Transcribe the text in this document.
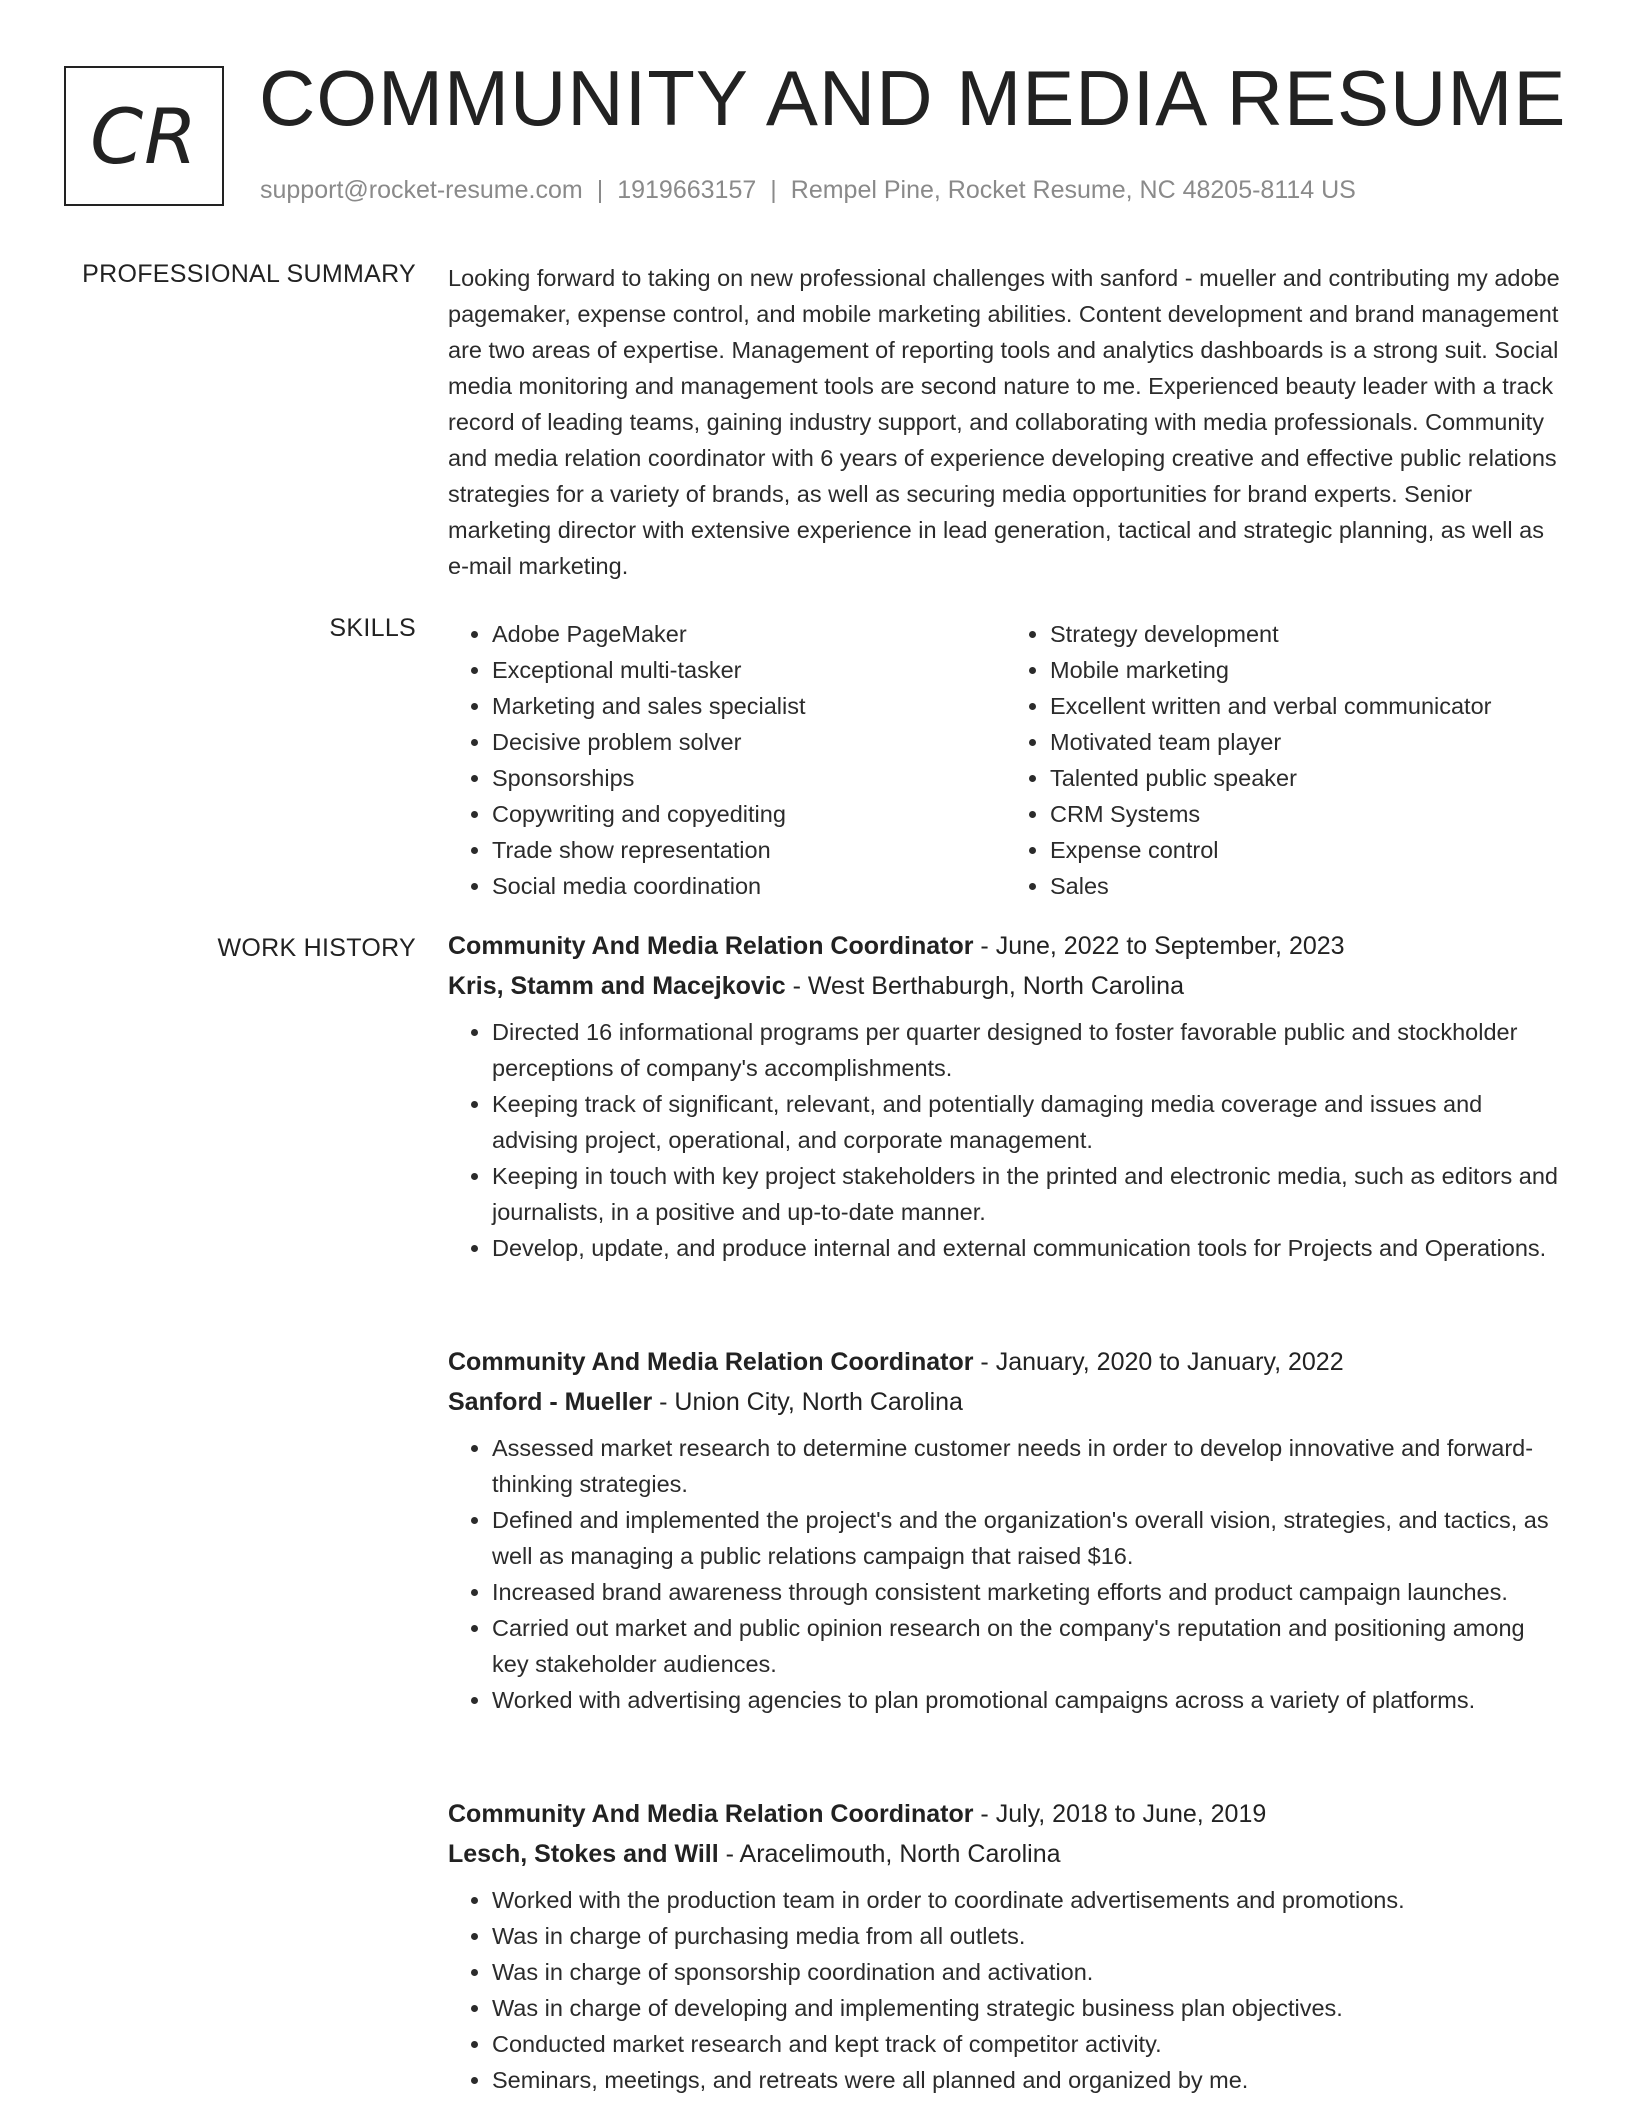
CR COMMUNITY AND MEDIA RESUME
support@rocket-resume.com | 1919663157 | Rempel Pine, Rocket Resume, NC 48205-8114 US
PROFESSIONAL SUMMARY Looking forward to taking on new professional challenges with sanford - mueller and contributing my adobe pagemaker, expense control, and mobile marketing abilities. Content development and brand management are two areas of expertise. Management of reporting tools and analytics dashboards is a strong suit. Social media monitoring and management tools are second nature to me. Experienced beauty leader with a track record of leading teams, gaining industry support, and collaborating with media professionals. Community and media relation coordinator with 6 years of experience developing creative and effective public relations strategies for a variety of brands, as well as securing media opportunities for brand experts. Senior marketing director with extensive experience in lead generation, tactical and strategic planning, as well as e-mail marketing.

SKILLS
•	Adobe PageMaker
• Exceptional multi-tasker
• Marketing and sales specialist
• Decisive problem solver
• Sponsorships
• Copywriting and copyediting
• Trade show representation
• Social media coordination
• Strategy development
• Mobile marketing
• Excellent written and verbal communicator
• Motivated team player
• Talented public speaker
• CRM Systems
• Expense control
• Sales
WORK HISTORY Community And Media Relation Coordinator - June, 2022 to September, 2023
Kris, Stamm and Macejkovic - West Berthaburgh, North Carolina
• Directed 16 informational programs per quarter designed to foster favorable public and stockholder perceptions of company's accomplishments.
• Keeping track of significant, relevant, and potentially damaging media coverage and issues and advising project, operational, and corporate management.
• Keeping in touch with key project stakeholders in the printed and electronic media, such as editors and journalists, in a positive and up-to-date manner.
• Develop, update, and produce internal and external communication tools for Projects and Operations.
Community And Media Relation Coordinator - January, 2020 to January, 2022
Sanford - Mueller - Union City, North Carolina
• Assessed market research to determine customer needs in order to develop innovative and forward-thinking strategies.
• Defined and implemented the project's and the organization's overall vision, strategies, and tactics, as well as managing a public relations campaign that raised $16.
• Increased brand awareness through consistent marketing efforts and product campaign launches.
• Carried out market and public opinion research on the company's reputation and positioning among key stakeholder audiences.
• Worked with advertising agencies to plan promotional campaigns across a variety of platforms.
Community And Media Relation Coordinator - July, 2018 to June, 2019
Lesch, Stokes and Will - Aracelimouth, North Carolina
• Worked with the production team in order to coordinate advertisements and promotions.
• Was in charge of purchasing media from all outlets.
• Was in charge of sponsorship coordination and activation.
• Was in charge of developing and implementing strategic business plan objectives.
• Conducted market research and kept track of competitor activity.
• Seminars, meetings, and retreats were all planned and organized by me.
